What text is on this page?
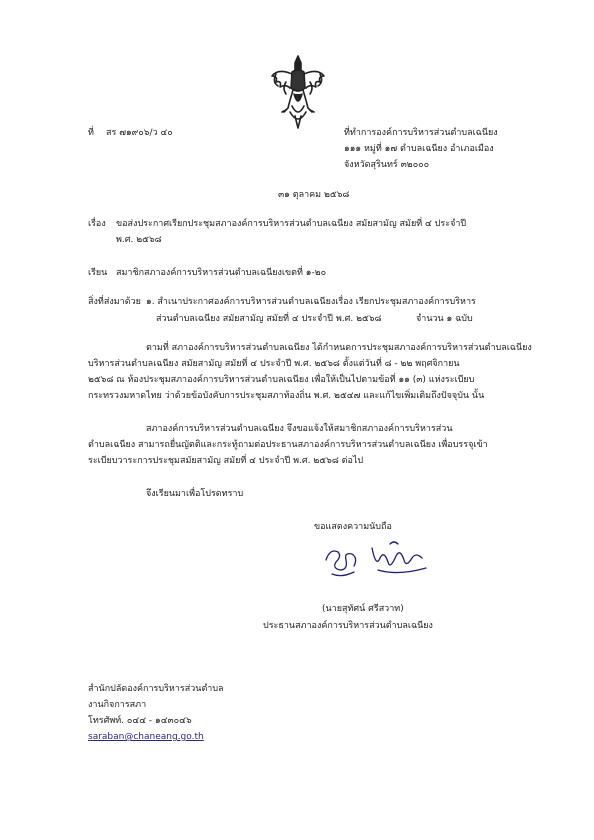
ที่ สร ๗๑๙๐๖/ว ๔๐	ที่ทำการองค์การบริหารส่วนตำบลเฉนียง
๑๑๑ หมู่ที่ ๑๗ ตำบลเฉนียง อำเภอเมือง
จังหวัดสุรินทร์ ๓๒๐๐๐
๓๑ ตุลาคม ๒๕๖๘
เรื่อง ขอส่งประกาศเรียกประชุมสภาองค์การบริหารส่วนตำบลเฉนียง สมัยสามัญ สมัยที่ ๔ ประจำปี
พ.ศ. ๒๕๖๘
เรียน สมาชิกสภาองค์การบริหารส่วนตำบลเฉนียงเขตที่ ๑-๒๐
สิ่งที่ส่งมาด้วย ๑. สำเนาประกาศองค์การบริหารส่วนตำบลเฉนียงเรื่อง เรียกประชุมสภาองค์การบริหาร
ส่วนตำบลเฉนียง สมัยสามัญ สมัยที่ ๔ ประจำปี พ.ศ. ๒๕๖๘	จำนวน ๑ ฉบับ
ตามที่ สภาองค์การบริหารส่วนตำบลเฉนียง ได้กำหนดการประชุมสภาองค์การบริหารส่วนตำบลเฉนียง
บริหารส่วนตำบลเฉนียง สมัยสามัญ สมัยที่ ๔ ประจำปี พ.ศ. ๒๕๖๘ ตั้งแต่วันที่ ๘ - ๒๒ พฤศจิกายน
๒๕๖๘ ณ ห้องประชุมสภาองค์การบริหารส่วนตำบลเฉนียง เพื่อให้เป็นไปตามข้อที่ ๑๑ (๓) แห่งระเบียบ
กระทรวงมหาดไทย ว่าด้วยข้อบังคับการประชุมสภาท้องถิ่น พ.ศ. ๒๕๔๗ และแก้ไขเพิ่มเติมถึงปัจจุบัน นั้น
สภาองค์การบริหารส่วนตำบลเฉนียง จึงขอแจ้งให้สมาชิกสภาองค์การบริหารส่วน
ตำบลเฉนียง สามารถยื่นญัตติและกระทู้ถามต่อประธานสภาองค์การบริหารส่วนตำบลเฉนียง เพื่อบรรจุเข้า
ระเบียบวาระการประชุมสมัยสามัญ สมัยที่ ๔ ประจำปี พ.ศ. ๒๕๖๘ ต่อไป
จึงเรียนมาเพื่อโปรดทราบ
ขอแสดงความนับถือ
(นายสุทัศน์ ศรีสวาท)
ประธานสภาองค์การบริหารส่วนตำบลเฉนียง
สำนักปลัดองค์การบริหารส่วนตำบล
งานกิจการสภา
โทรศัพท์. ๐๔๔ - ๑๔๓๐๔๖
saraban@chaneang.go.th
